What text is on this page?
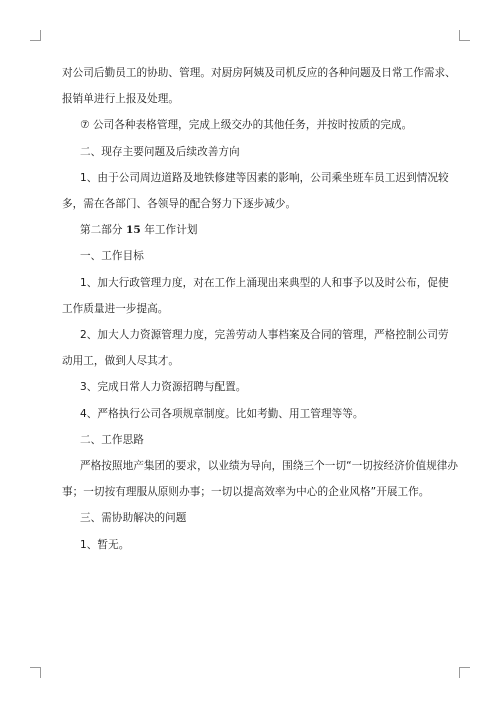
对公司后勤员工的协助、管理。对厨房阿姨及司机反应的各种问题及日常工作需求、
报销单进行上报及处理。
⑦ 公司各种表格管理，完成上级交办的其他任务，并按时按质的完成。
二、现存主要问题及后续改善方向
1、由于公司周边道路及地铁修建等因素的影响，公司乘坐班车员工迟到情况较
多，需在各部门、各领导的配合努力下逐步减少。
第二部分 15 年工作计划
一、工作目标
1、加大行政管理力度，对在工作上涌现出来典型的人和事予以及时公布，促使
工作质量进一步提高。
2、加大人力资源管理力度，完善劳动人事档案及合同的管理，严格控制公司劳
动用工，做到人尽其才。
3、完成日常人力资源招聘与配置。
4、严格执行公司各项规章制度。比如考勤、用工管理等等。
二、工作思路
严格按照地产集团的要求，以业绩为导向，围绕三个一切“一切按经济价值规律办
事；一切按有理服从原则办事；一切以提高效率为中心的企业风格”开展工作。
三、需协助解决的问题
1、暂无。
